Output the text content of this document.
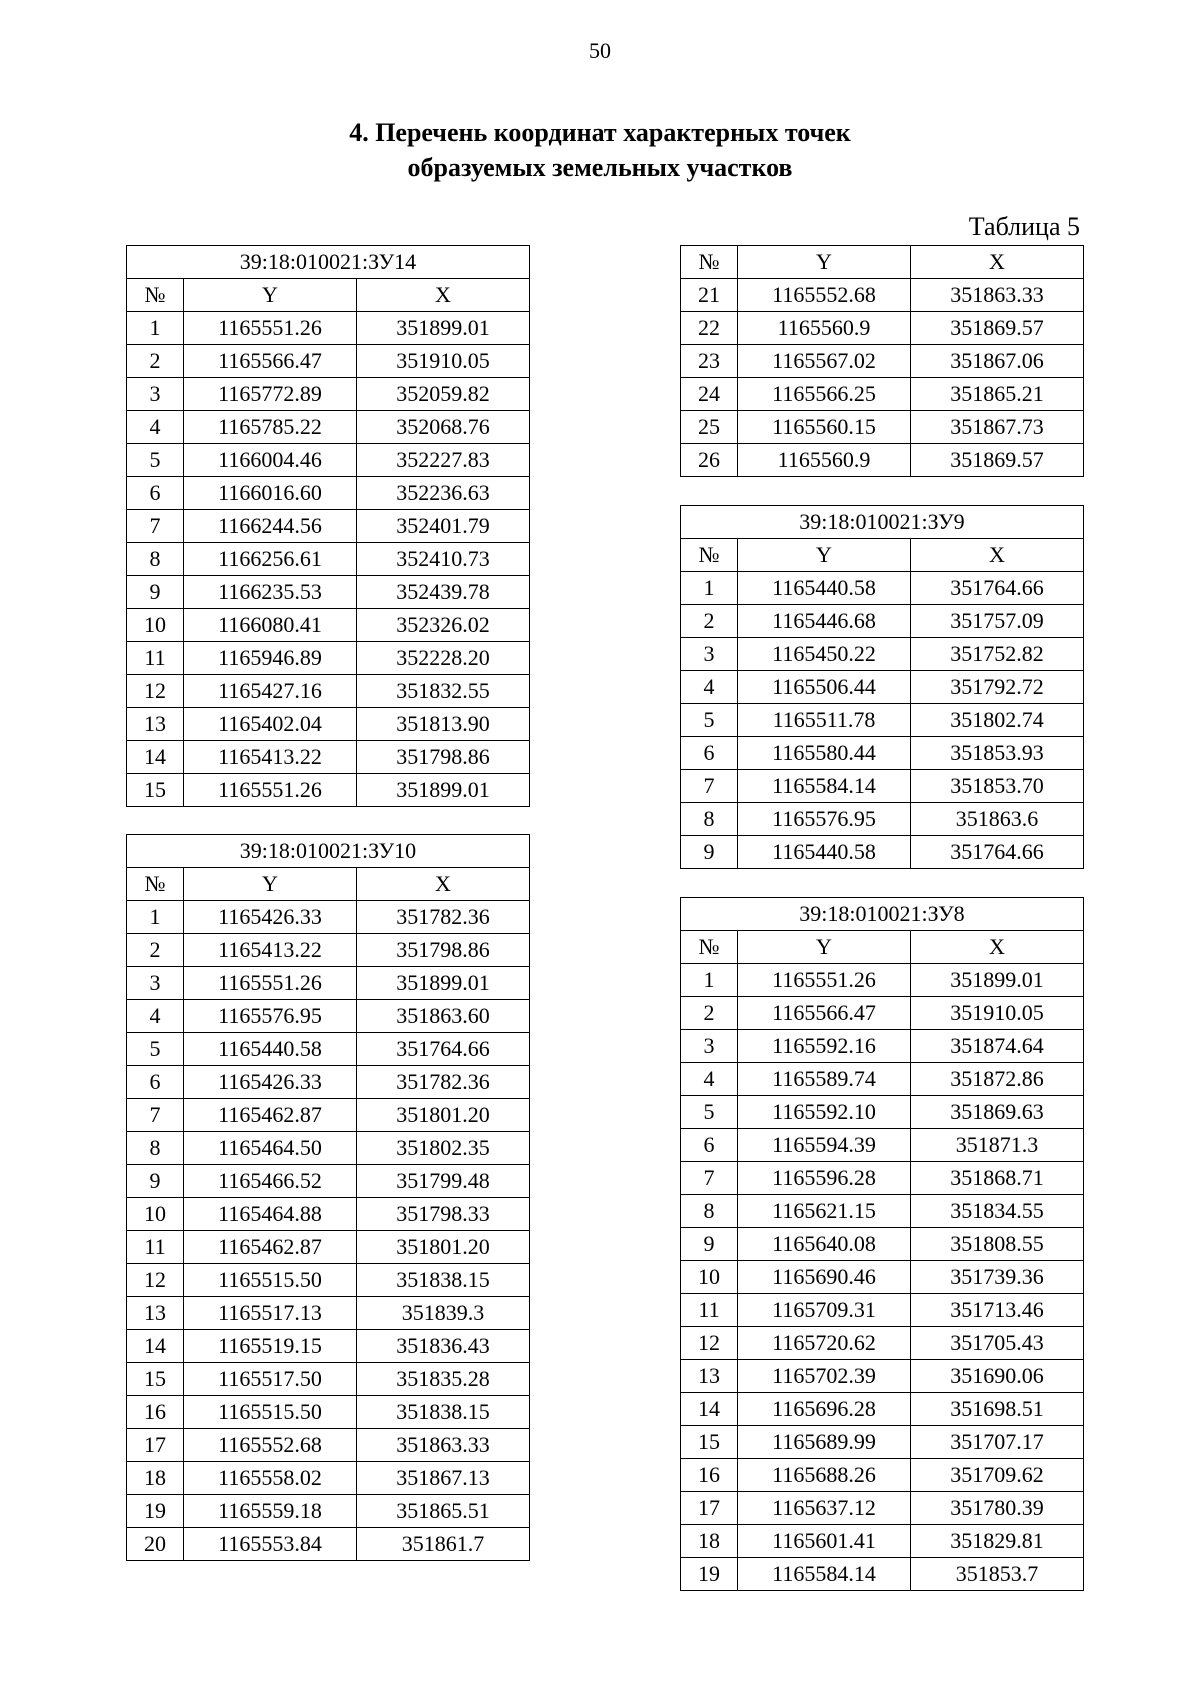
50
4. Перечень координат характерных точек
образуемых земельных участков
Таблица 5
39:18:010021:ЗУ14		
№	Y	X
1	1165551.26	351899.01
2	1165566.47	351910.05
3	1165772.89	352059.82
4	1165785.22	352068.76
5	1166004.46	352227.83
6	1166016.60	352236.63
7	1166244.56	352401.79
8	1166256.61	352410.73
9	1166235.53	352439.78
10	1166080.41	352326.02
11	1165946.89	352228.20
12	1165427.16	351832.55
13	1165402.04	351813.90
14	1165413.22	351798.86
15	1165551.26	351899.01
39:18:010021:ЗУ10		
№	Y	X
1	1165426.33	351782.36
2	1165413.22	351798.86
3	1165551.26	351899.01
4	1165576.95	351863.60
5	1165440.58	351764.66
6	1165426.33	351782.36
7	1165462.87	351801.20
8	1165464.50	351802.35
9	1165466.52	351799.48
10	1165464.88	351798.33
11	1165462.87	351801.20
12	1165515.50	351838.15
13	1165517.13	351839.3
14	1165519.15	351836.43
15	1165517.50	351835.28
16	1165515.50	351838.15
17	1165552.68	351863.33
18	1165558.02	351867.13
19	1165559.18	351865.51
20	1165553.84	351861.7
№	Y	X
21	1165552.68	351863.33
22	1165560.9	351869.57
23	1165567.02	351867.06
24	1165566.25	351865.21
25	1165560.15	351867.73
26	1165560.9	351869.57
39:18:010021:ЗУ9		
№	Y	X
1	1165440.58	351764.66
2	1165446.68	351757.09
3	1165450.22	351752.82
4	1165506.44	351792.72
5	1165511.78	351802.74
6	1165580.44	351853.93
7	1165584.14	351853.70
8	1165576.95	351863.6
9	1165440.58	351764.66
39:18:010021:ЗУ8		
№	Y	X
1	1165551.26	351899.01
2	1165566.47	351910.05
3	1165592.16	351874.64
4	1165589.74	351872.86
5	1165592.10	351869.63
6	1165594.39	351871.3
7	1165596.28	351868.71
8	1165621.15	351834.55
9	1165640.08	351808.55
10	1165690.46	351739.36
11	1165709.31	351713.46
12	1165720.62	351705.43
13	1165702.39	351690.06
14	1165696.28	351698.51
15	1165689.99	351707.17
16	1165688.26	351709.62
17	1165637.12	351780.39
18	1165601.41	351829.81
19	1165584.14	351853.7
